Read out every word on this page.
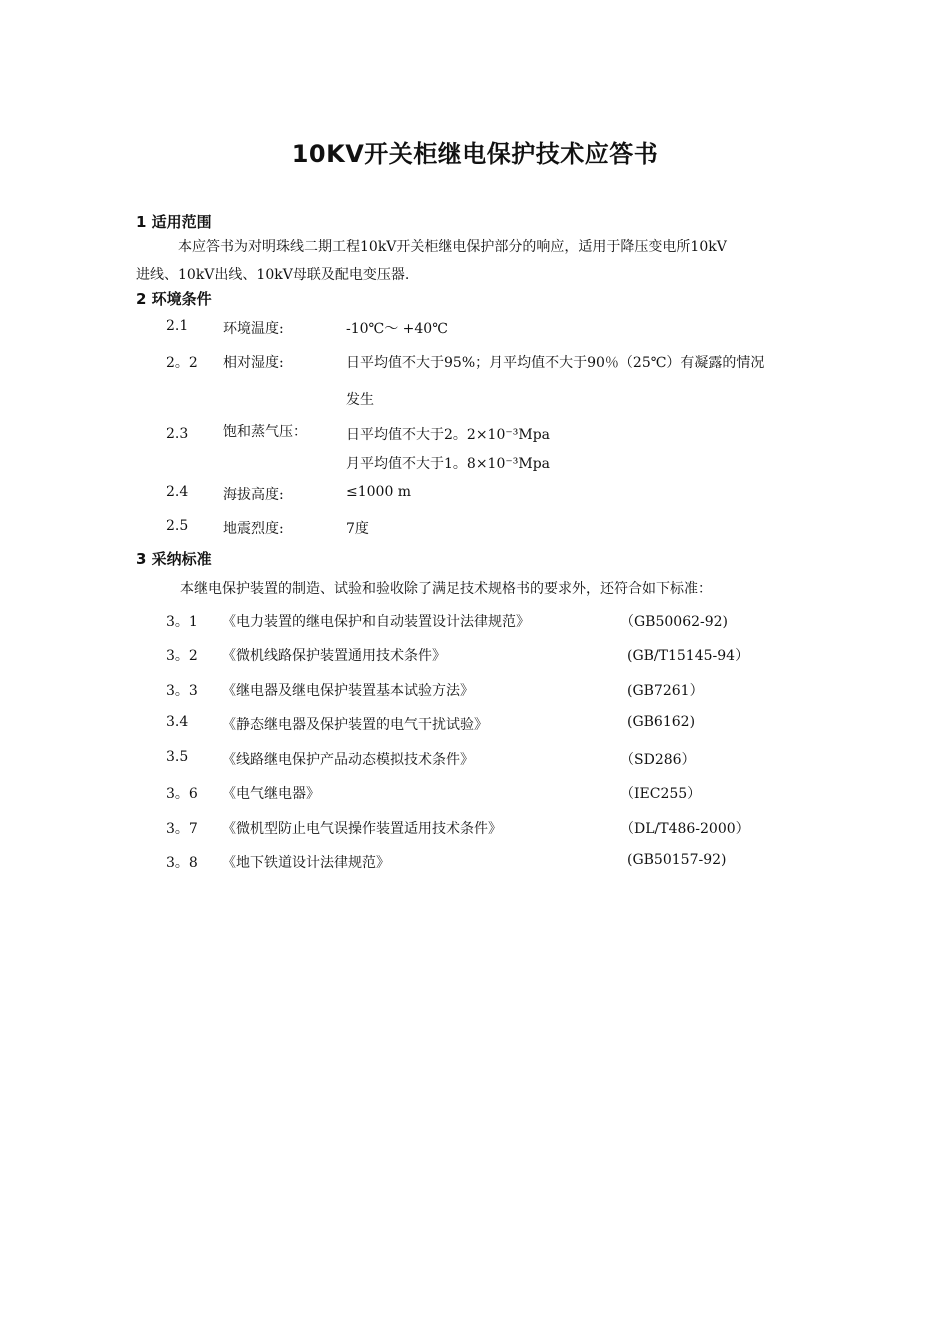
10KV开关柜继电保护技术应答书
1 适用范围
本应答书为对明珠线二期工程10kV开关柜继电保护部分的响应，适用于降压变电所10kV
进线、10kV出线、10kV母联及配电变压器.
2 环境条件
2.1 环境温度:	-10℃～ +40℃
2。2 相对湿度:	日平均值不大于95%；月平均值不大于90％（25℃）有凝露的情况
发生
2.3 饱和蒸气压：	日平均值不大于2。2×10⁻³Mpa
月平均值不大于1。8×10⁻³Mpa
2.4 海拔高度:	≤1000 m
2.5 地震烈度:	7度
3 采纳标准
本继电保护装置的制造、试验和验收除了满足技术规格书的要求外，还符合如下标准：
3。1 《电力装置的继电保护和自动装置设计法律规范》	（GB50062-92)
3。2 《微机线路保护装置通用技术条件》	(GB/T15145-94）
3。3 《继电器及继电保护装置基本试验方法》	(GB7261）
3.4 《静态继电器及保护装置的电气干扰试验》	(GB6162)
3.5 《线路继电保护产品动态模拟技术条件》	（SD286）
3。6 《电气继电器》	（IEC255）
3。7 《微机型防止电气误操作装置适用技术条件》	（DL/T486-2000）
3。8 《地下铁道设计法律规范》	(GB50157-92)
